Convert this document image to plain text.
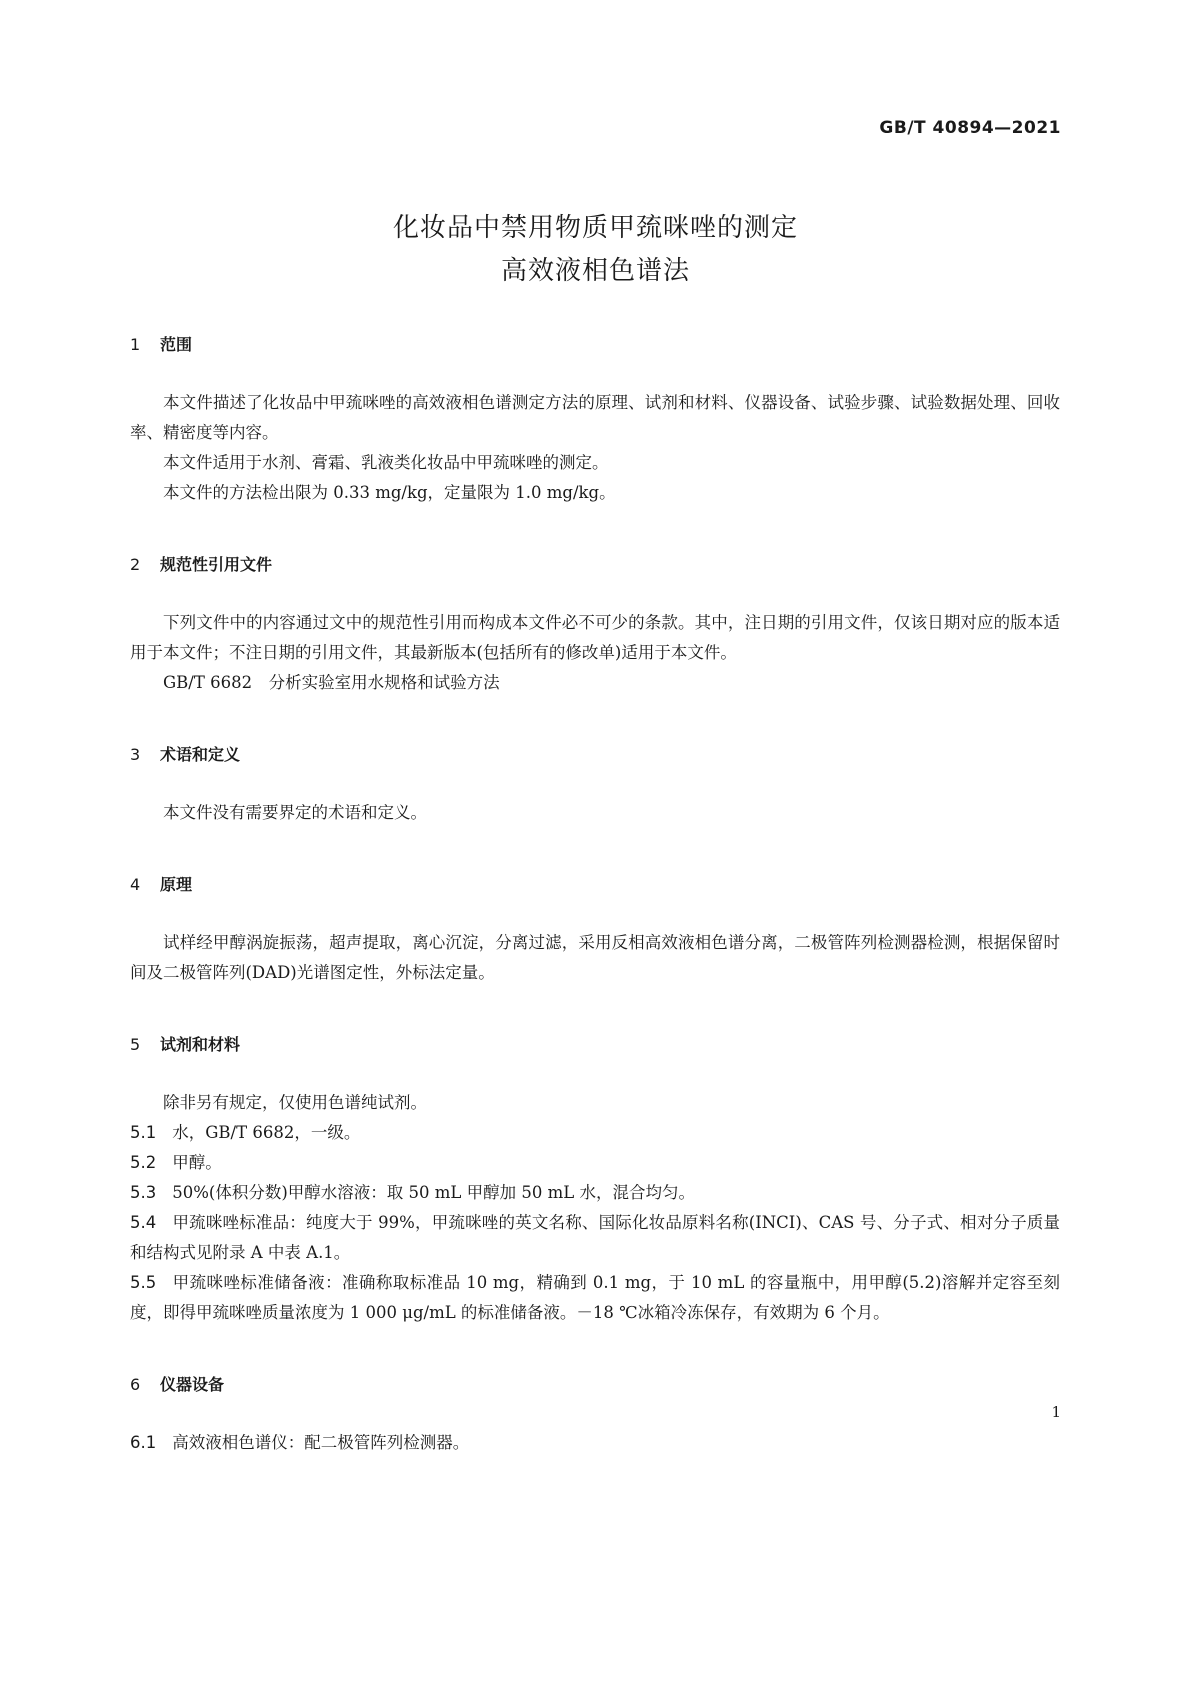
GB/T 40894—2021
化妆品中禁用物质甲巯咪唑的测定
高效液相色谱法
1 范围

本文件描述了化妆品中甲巯咪唑的高效液相色谱测定方法的原理、试剂和材料、仪器设备、试验步骤、试验数据处理、回收率、精密度等内容。

本文件适用于水剂、膏霜、乳液类化妆品中甲巯咪唑的测定。

本文件的方法检出限为 0.33 mg/kg，定量限为 1.0 mg/kg。

2 规范性引用文件

下列文件中的内容通过文中的规范性引用而构成本文件必不可少的条款。其中，注日期的引用文件，仅该日期对应的版本适用于本文件；不注日期的引用文件，其最新版本(包括所有的修改单)适用于本文件。

GB/T 6682　分析实验室用水规格和试验方法

3 术语和定义

本文件没有需要界定的术语和定义。

4 原理

试样经甲醇涡旋振荡，超声提取，离心沉淀，分离过滤，采用反相高效液相色谱分离，二极管阵列检测器检测，根据保留时间及二极管阵列(DAD)光谱图定性，外标法定量。

5 试剂和材料

除非另有规定，仅使用色谱纯试剂。

5.1 水，GB/T 6682，一级。

5.2 甲醇。

5.3 50%(体积分数)甲醇水溶液：取 50 mL 甲醇加 50 mL 水，混合均匀。

5.4 甲巯咪唑标准品：纯度大于 99%，甲巯咪唑的英文名称、国际化妆品原料名称(INCI)、CAS 号、分子式、相对分子质量和结构式见附录 A 中表 A.1。

5.5 甲巯咪唑标准储备液：准确称取标准品 10 mg，精确到 0.1 mg，于 10 mL 的容量瓶中，用甲醇(5.2)溶解并定容至刻度，即得甲巯咪唑质量浓度为 1 000 μg/mL 的标准储备液。－18 ℃冰箱冷冻保存，有效期为 6 个月。

6 仪器设备

6.1 高效液相色谱仪：配二极管阵列检测器。

1
